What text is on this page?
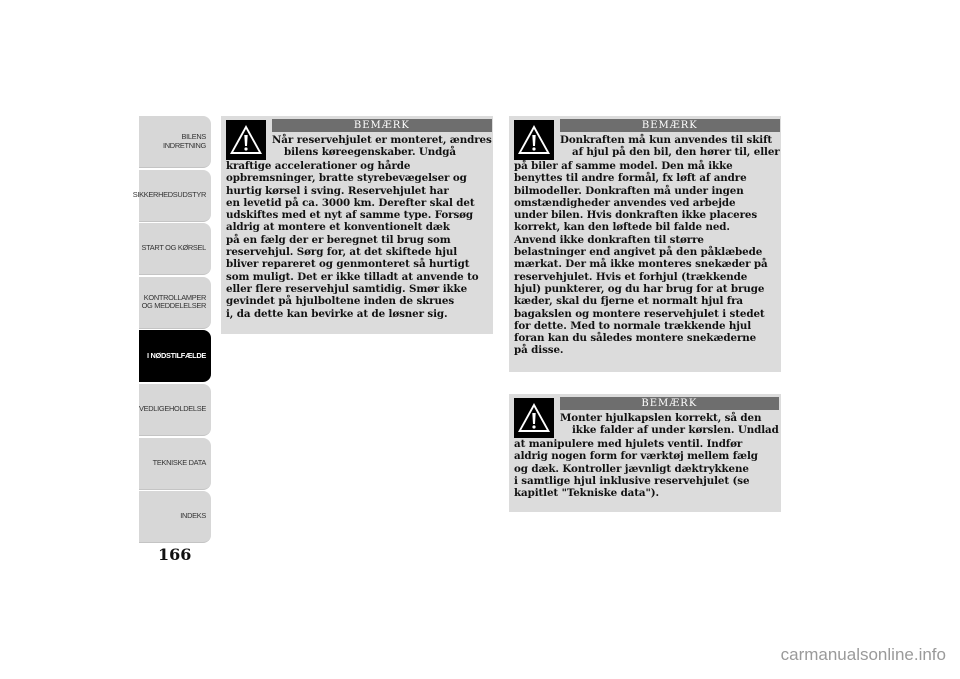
BILENS
INDRETNING
SIKKERHEDSUDSTYR
START OG KØRSEL
KONTROLLAMPER
OG MEDDELELSER
I NØDSTILFÆLDE
VEDLIGEHOLDELSE
TEKNISKE DATA
INDEKS
166
BEMÆRK
Når reservehjulet er monteret, ændres
bilens køreegenskaber. Undgå
kraftige accelerationer og hårde
opbremsninger, bratte styrebevægelser og
hurtig kørsel i sving. Reservehjulet har
en levetid på ca. 3000 km. Derefter skal det
udskiftes med et nyt af samme type. Forsøg
aldrig at montere et konventionelt dæk
på en fælg der er beregnet til brug som
reservehjul. Sørg for, at det skiftede hjul
bliver repareret og genmonteret så hurtigt
som muligt. Det er ikke tilladt at anvende to
eller flere reservehjul samtidig. Smør ikke
gevindet på hjulboltene inden de skrues
i, da dette kan bevirke at de løsner sig.
BEMÆRK
Donkraften må kun anvendes til skift
af hjul på den bil, den hører til, eller
på biler af samme model. Den må ikke
benyttes til andre formål, fx løft af andre
bilmodeller. Donkraften må under ingen
omstændigheder anvendes ved arbejde
under bilen. Hvis donkraften ikke placeres
korrekt, kan den løftede bil falde ned.
Anvend ikke donkraften til større
belastninger end angivet på den påklæbede
mærkat. Der må ikke monteres snekæder på
reservehjulet. Hvis et forhjul (trækkende
hjul) punkterer, og du har brug for at bruge
kæder, skal du fjerne et normalt hjul fra
bagakslen og montere reservehjulet i stedet
for dette. Med to normale trækkende hjul
foran kan du således montere snekæderne
på disse.
BEMÆRK
Monter hjulkapslen korrekt, så den
ikke falder af under kørslen. Undlad
at manipulere med hjulets ventil. Indfør
aldrig nogen form for værktøj mellem fælg
og dæk. Kontroller jævnligt dæktrykkene
i samtlige hjul inklusive reservehjulet (se
kapitlet "Tekniske data").
carmanualsonline.info
